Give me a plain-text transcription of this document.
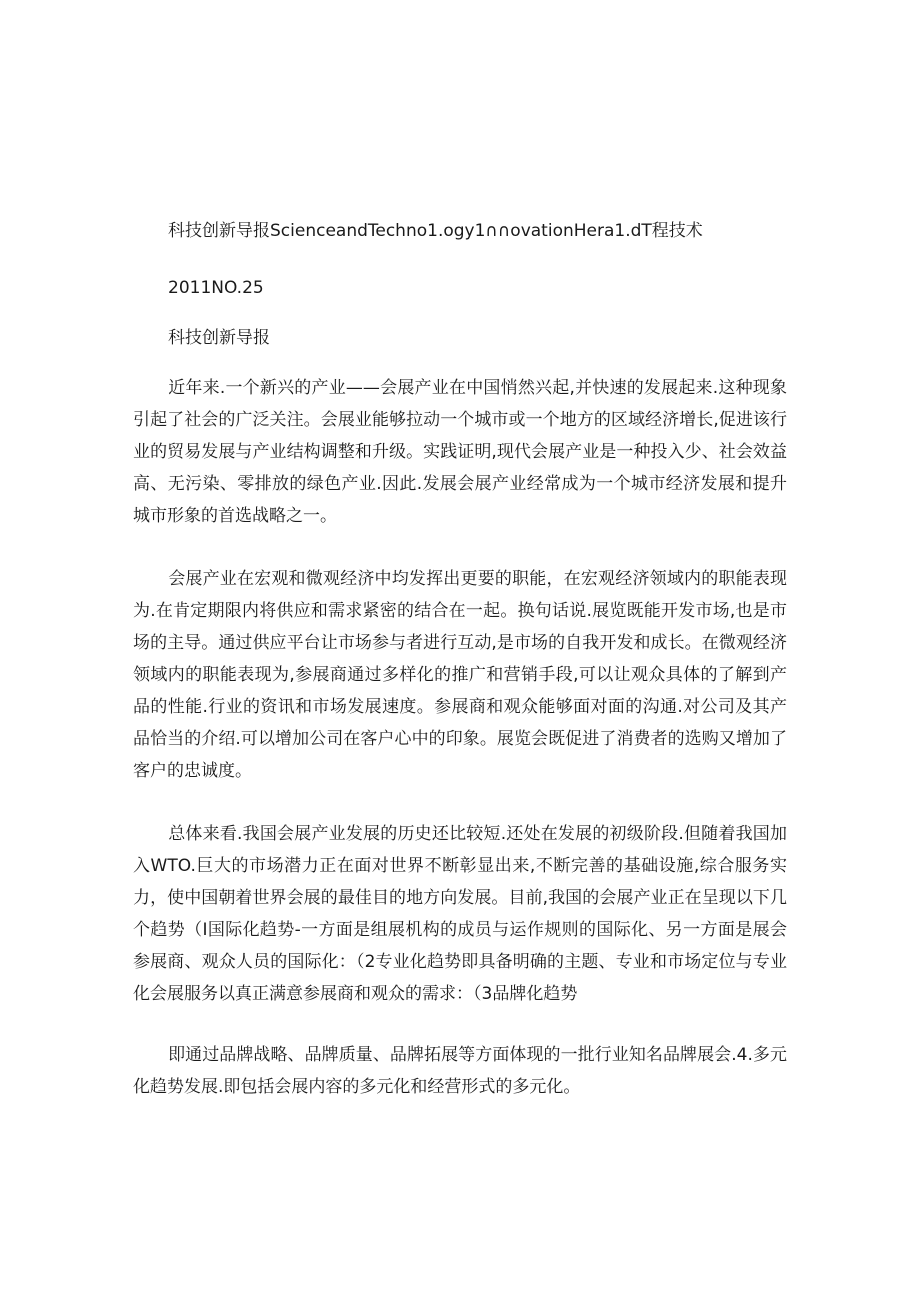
科技创新导报ScienceandTechno1.ogy1∩∩ovationHera1.dT程技术
2011NO.25
科技创新导报

近年来.一个新兴的产业——会展产业在中国悄然兴起,并快速的发展起来.这种现象引起了社会的广泛关注。会展业能够拉动一个城市或一个地方的区域经济增长,促进该行业的贸易发展与产业结构调整和升级。实践证明,现代会展产业是一种投入少、社会效益高、无污染、零排放的绿色产业.因此.发展会展产业经常成为一个城市经济发展和提升城市形象的首选战略之一。

会展产业在宏观和微观经济中均发挥出更要的职能，在宏观经济领域内的职能表现为.在肯定期限内将供应和需求紧密的结合在一起。换句话说.展览既能开发市场,也是市场的主导。通过供应平台让市场参与者进行互动,是市场的自我开发和成长。在微观经济领域内的职能表现为,参展商通过多样化的推广和营销手段,可以让观众具体的了解到产品的性能.行业的资讯和市场发展速度。参展商和观众能够面对面的沟通.对公司及其产品恰当的介绍.可以增加公司在客户心中的印象。展览会既促进了消费者的选购又增加了客户的忠诚度。

总体来看.我国会展产业发展的历史还比较短.还处在发展的初级阶段.但随着我国加入WTO.巨大的市场潜力正在面对世界不断彰显出来,不断完善的基础设施,综合服务实力，使中国朝着世界会展的最佳目的地方向发展。目前,我国的会展产业正在呈现以下几个趋势（I国际化趋势-一方面是组展机构的成员与运作规则的国际化、另一方面是展会参展商、观众人员的国际化：（2专业化趋势即具备明确的主题、专业和市场定位与专业化会展服务以真正满意参展商和观众的需求：（3品牌化趋势

即通过品牌战略、品牌质量、品牌拓展等方面体现的一批行业知名品牌展会.4.多元化趋势发展.即包括会展内容的多元化和经营形式的多元化。
